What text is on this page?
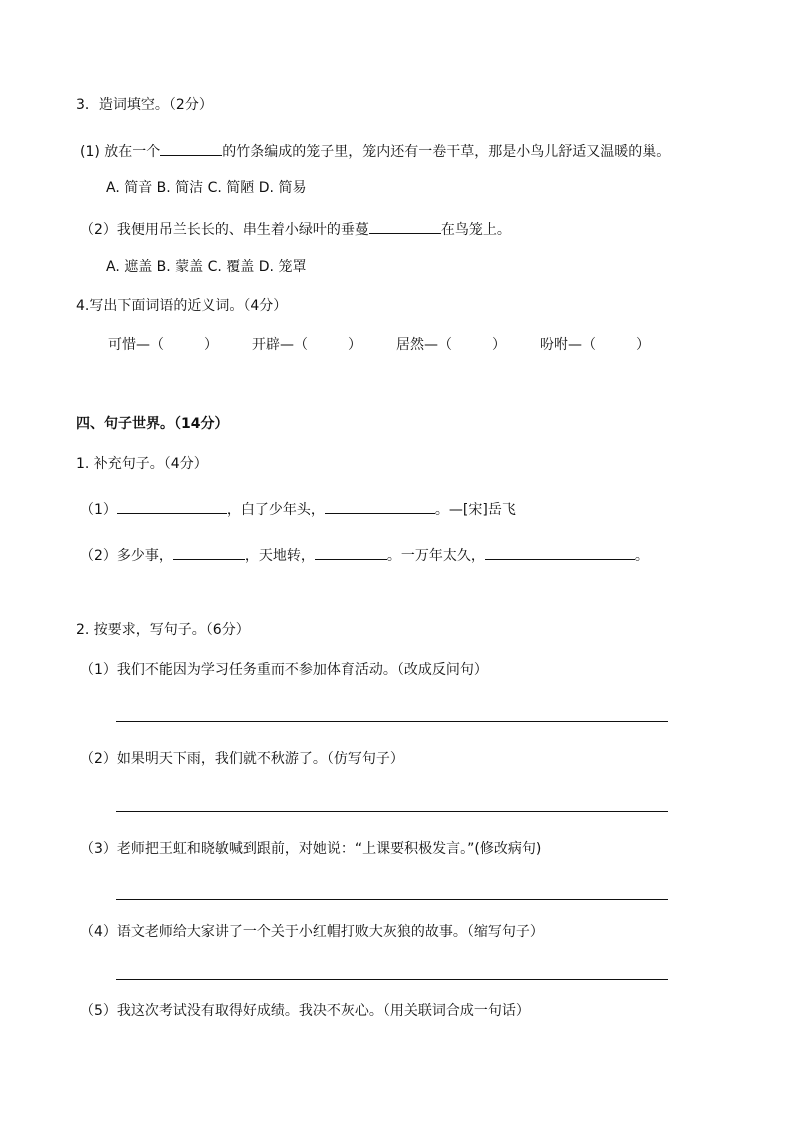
3．造词填空。（2分）
(1) 放在一个	的竹条编成的笼子里，笼内还有一卷干草，那是小鸟儿舒适又温暖的巢。
A. 简音 B. 简洁 C. 简陋 D. 简易
（2）我便用吊兰长长的、串生着小绿叶的垂蔓	在鸟笼上。
A. 遮盖 B. 蒙盖 C. 覆盖 D. 笼罩
4.写出下面词语的近义词。（4分）
可惜—（	） 开辟—（	） 居然—（	） 吩咐—（	）
四、句子世界。（14分）
1. 补充句子。（4分）
（1）	，白了少年头，	。—[宋]岳飞
（2）多少事，	，天地转，	。一万年太久，	。
2. 按要求，写句子。（6分）
（1）我们不能因为学习任务重而不参加体育活动。（改成反问句）
（2）如果明天下雨，我们就不秋游了。（仿写句子）
（3）老师把王虹和晓敏喊到跟前，对她说：“上课要积极发言。”(修改病句)
（4）语文老师给大家讲了一个关于小红帽打败大灰狼的故事。（缩写句子）
（5）我这次考试没有取得好成绩。我决不灰心。（用关联词合成一句话）
